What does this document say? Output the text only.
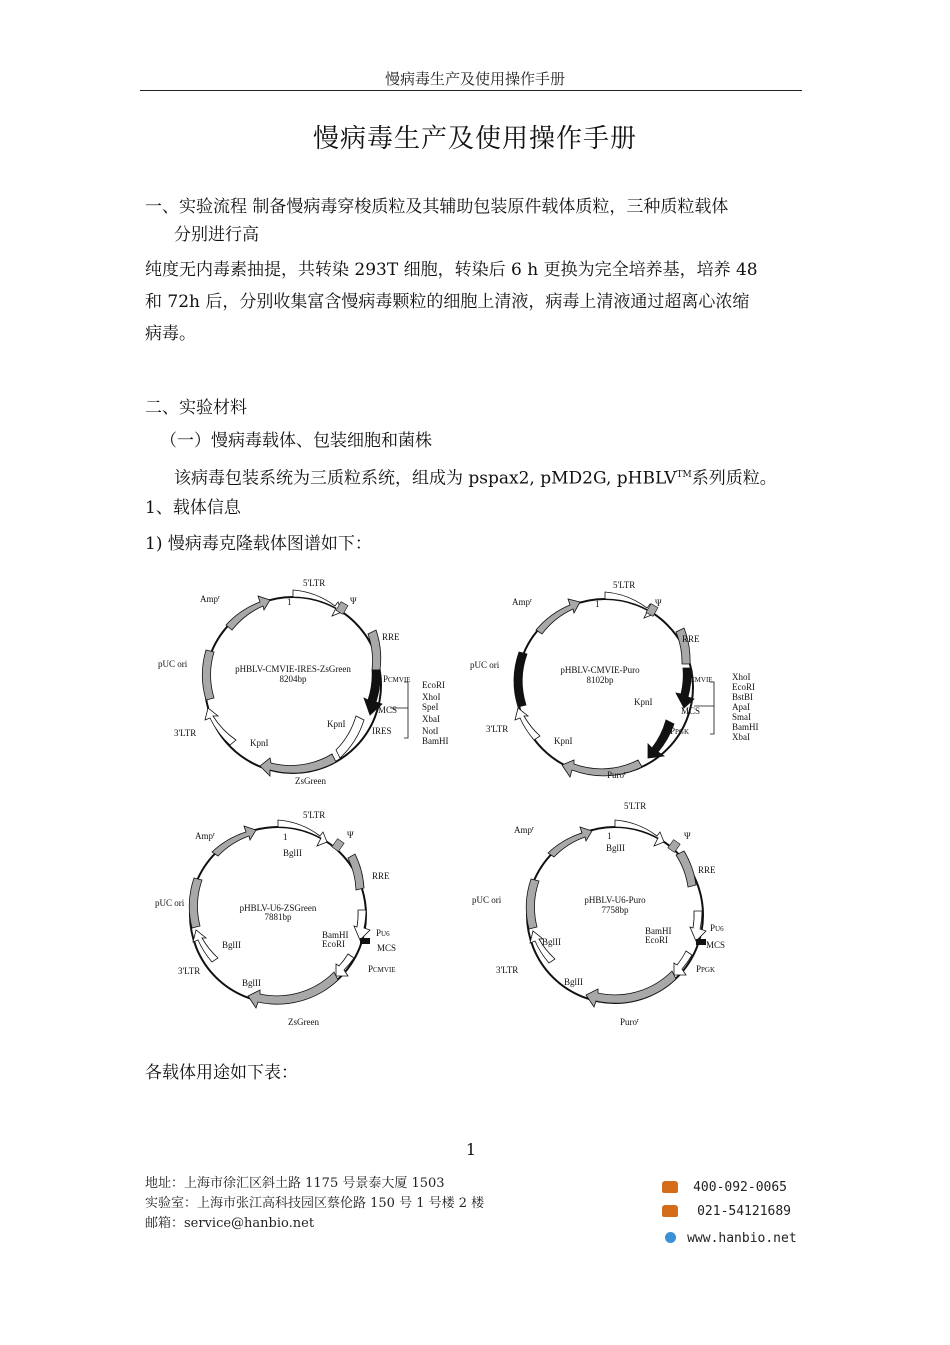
慢病毒生产及使用操作手册
慢病毒生产及使用操作手册
一、实验流程 制备慢病毒穿梭质粒及其辅助包装原件载体质粒，三种质粒载体
分别进行高
纯度无内毒素抽提，共转染 293T 细胞，转染后 6 h 更换为完全培养基，培养 48
和 72h 后，分别收集富含慢病毒颗粒的细胞上清液，病毒上清液通过超离心浓缩
病毒。
二、实验材料
（一）慢病毒载体、包装细胞和菌株
该病毒包装系统为三质粒系统，组成为 pspax2, pMD2G, pHBLV™系列质粒。
1、载体信息
1) 慢病毒克隆载体图谱如下：
5'LTR
Ψ
RRE
PCMVIE
MCS
IRES
ZsGreen
KpnI
KpnI
3'LTR
pUC ori
Amp$^r$	1
pHBLV-CMVIE-IRES-ZsGreen
8204bp
EcoRI
XhoI
SpeI
XbaI
NotI
BamHI
5'LTR
Ψ
RRE
PCMVIE
MCS
PPGK
Puro$^r$
KpnI
KpnI
3'LTR
pUC ori
Amp$^r$	1
pHBLV-CMVIE-Puro
8102bp	XhoI
EcoRI
BstBI
ApaI
SmaI
BamHI
XbaI
5'LTR
Ψ
RRE
PU6
BamHI
EcoRI	MCS
PCMVIE
ZsGreen
BglII
BglII
BglII
3'LTR
pUC ori
Amp$^r$	1
pHBLV-U6-ZSGreen
7881bp
5'LTR
Ψ
RRE
PU6
BamHI
EcoRI	MCS
PPGK
Puro$^r$
BglII
BglII
BglII
3'LTR
pUC ori
Amp$^r$
1
pHBLV-U6-Puro
7758bp
各载体用途如下表：
1
地址：上海市徐汇区斜土路 1175 号景泰大厦 1503
实验室：上海市张江高科技园区蔡伦路 150 号 1 号楼 2 楼
邮箱：service@hanbio.net
400-092-0065
021-54121689
www.hanbio.net
